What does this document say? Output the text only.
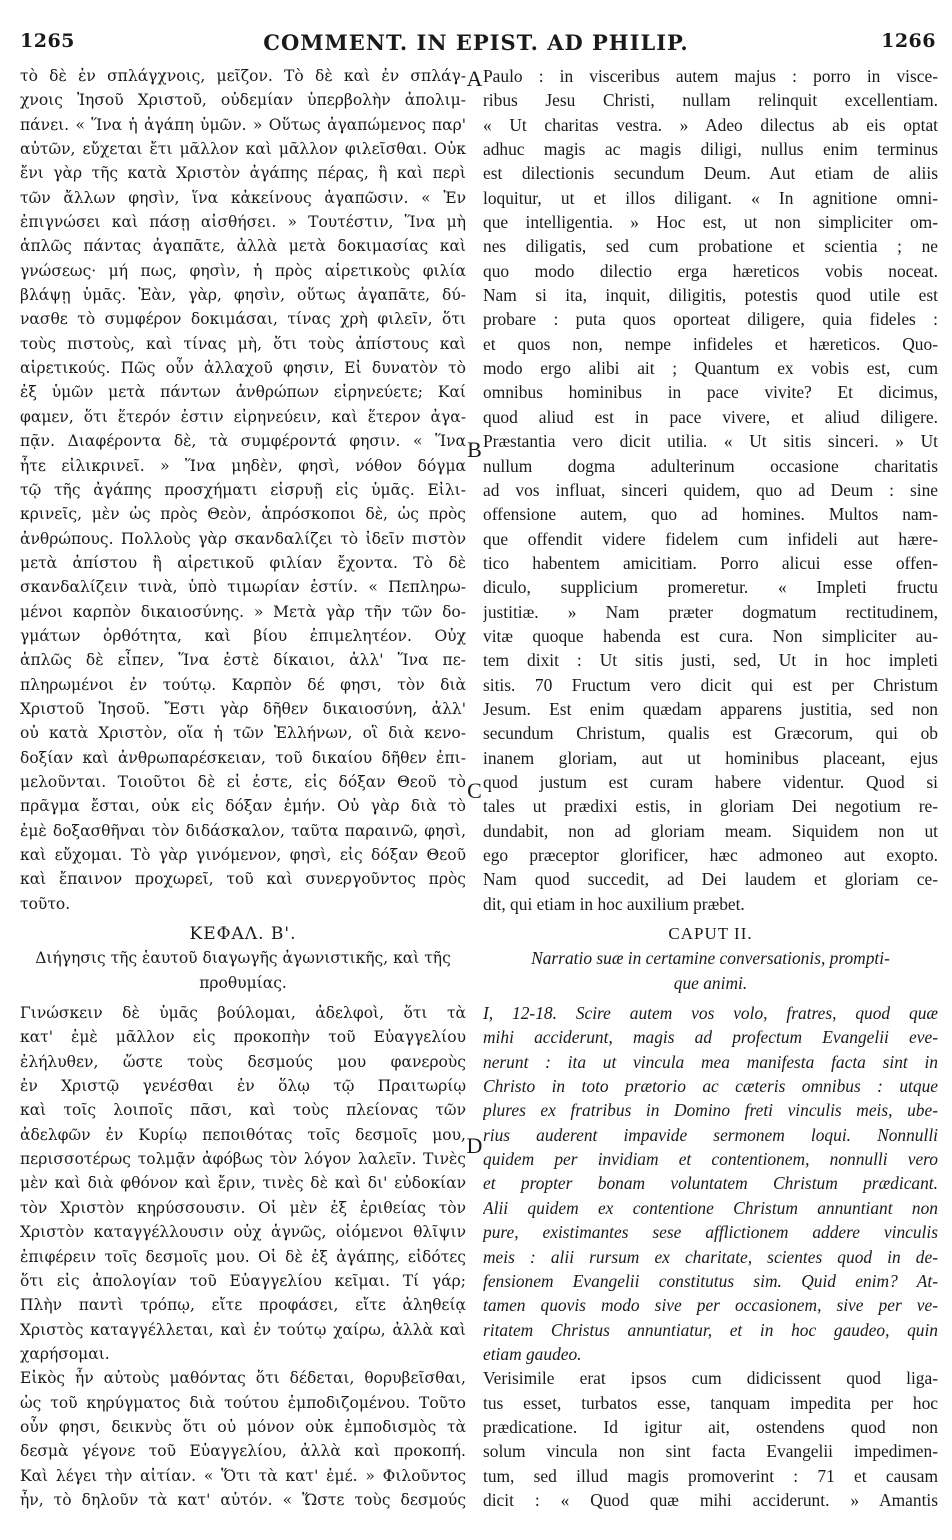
1265	COMMENT. IN EPIST. AD PHILIP.	1266
τὸ δὲ ἐν σπλάγχνοις, μεῖζον. Τὸ δὲ καὶ ἐν σπλάγ-
χνοις Ἰησοῦ Χριστοῦ, οὐδεμίαν ὑπερβολὴν ἀπολιμ-
πάνει. « Ἵνα ἡ ἀγάπη ὑμῶν. » Οὕτως ἀγαπώμενος παρ'
αὐτῶν, εὔχεται ἔτι μᾶλλον καὶ μᾶλλον φιλεῖσθαι. Οὐκ
ἔνι γὰρ τῆς κατὰ Χριστὸν ἀγάπης πέρας, ἣ καὶ περὶ
τῶν ἄλλων φησὶν, ἵνα κἀκείνους ἀγαπῶσιν. « Ἐν
ἐπιγνώσει καὶ πάσῃ αἰσθήσει. » Τουτέστιν, Ἵνα μὴ
ἁπλῶς πάντας ἀγαπᾶτε, ἀλλὰ μετὰ δοκιμασίας καὶ
γνώσεως· μή πως, φησὶν, ἡ πρὸς αἱρετικοὺς φιλία
βλάψῃ ὑμᾶς. Ἐὰν, γὰρ, φησὶν, οὕτως ἀγαπᾶτε, δύ-
νασθε τὸ συμφέρον δοκιμάσαι, τίνας χρὴ φιλεῖν, ὅτι
τοὺς πιστοὺς, καὶ τίνας μὴ, ὅτι τοὺς ἀπίστους καὶ
αἱρετικούς. Πῶς οὖν ἀλλαχοῦ φησιν, Εἰ δυνατὸν τὸ
ἐξ ὑμῶν μετὰ πάντων ἀνθρώπων εἰρηνεύετε; Καί
φαμεν, ὅτι ἕτερόν ἐστιν εἰρηνεύειν, καὶ ἕτερον ἀγα-
πᾷν. Διαφέροντα δὲ, τὰ συμφέροντά φησιν. « Ἵνα
ἦτε εἰλικρινεῖ. » Ἵνα μηδὲν, φησὶ, νόθον δόγμα
τῷ τῆς ἀγάπης προσχήματι εἰσρυῇ εἰς ὑμᾶς. Εἰλι-
κρινεῖς, μὲν ὡς πρὸς Θεὸν, ἀπρόσκοποι δὲ, ὡς πρὸς
ἀνθρώπους. Πολλοὺς γὰρ σκανδαλίζει τὸ ἰδεῖν πιστὸν
μετὰ ἀπίστου ἢ αἱρετικοῦ φιλίαν ἔχοντα. Τὸ δὲ
σκανδαλίζειν τινὰ, ὑπὸ τιμωρίαν ἐστίν. « Πεπληρω-
μένοι καρπὸν δικαιοσύνης. » Μετὰ γὰρ τῆν τῶν δο-
γμάτων ὀρθότητα, καὶ βίου ἐπιμελητέον. Οὐχ
ἁπλῶς δὲ εἶπεν, Ἵνα ἐστὲ δίκαιοι, ἀλλ' Ἵνα πε-
πληρωμένοι ἐν τούτῳ. Καρπὸν δέ φησι, τὸν διὰ
Χριστοῦ Ἰησοῦ. Ἔστι γὰρ δῆθεν δικαιοσύνη, ἀλλ'
οὐ κατὰ Χριστὸν, οἵα ἡ τῶν Ἑλλήνων, οἳ διὰ κενο-
δοξίαν καὶ ἀνθρωπαρέσκειαν, τοῦ δικαίου δῆθεν ἐπι-
μελοῦνται. Τοιοῦτοι δὲ εἰ ἐστε, εἰς δόξαν Θεοῦ τὸ
πρᾶγμα ἔσται, οὐκ εἰς δόξαν ἐμήν. Οὐ γὰρ διὰ τὸ
ἐμὲ δοξασθῆναι τὸν διδάσκαλον, ταῦτα παραινῶ, φησὶ,
καὶ εὔχομαι. Τὸ γὰρ γινόμενον, φησὶ, εἰς δόξαν Θεοῦ
καὶ ἔπαινον προχωρεῖ, τοῦ καὶ συνεργοῦντος πρὸς
τοῦτο.
ΚΕΦΑΛ. Β'.
Διήγησις τῆς ἑαυτοῦ διαγωγῆς ἀγωνιστικῆς, καὶ τῆς
προθυμίας.
Γινώσκειν δὲ ὑμᾶς βούλομαι, ἀδελφοὶ, ὅτι τὰ
κατ' ἐμὲ μᾶλλον εἰς προκοπὴν τοῦ Εὐαγγελίου
ἐλήλυθεν, ὥστε τοὺς δεσμούς μου φανεροὺς
ἐν Χριστῷ γενέσθαι ἐν ὅλῳ τῷ Πραιτωρίῳ
καὶ τοῖς λοιποῖς πᾶσι, καὶ τοὺς πλείονας τῶν
ἀδελφῶν ἐν Κυρίῳ πεποιθότας τοῖς δεσμοῖς μου,
περισσοτέρως τολμᾷν ἀφόβως τὸν λόγον λαλεῖν. Τινὲς
μὲν καὶ διὰ φθόνον καὶ ἔριν, τινὲς δὲ καὶ δι' εὐδοκίαν
τὸν Χριστὸν κηρύσσουσιν. Οἱ μὲν ἐξ ἐριθείας τὸν
Χριστὸν καταγγέλλουσιν οὐχ ἁγνῶς, οἰόμενοι θλῖψιν
ἐπιφέρειν τοῖς δεσμοῖς μου. Οἱ δὲ ἐξ ἀγάπης, εἰδότες
ὅτι εἰς ἀπολογίαν τοῦ Εὐαγγελίου κεῖμαι. Τί γάρ;
Πλὴν παντὶ τρόπῳ, εἴτε προφάσει, εἴτε ἀληθείᾳ
Χριστὸς καταγγέλλεται, καὶ ἐν τούτῳ χαίρω, ἀλλὰ καὶ
χαρήσομαι.
Εἰκὸς ἦν αὐτοὺς μαθόντας ὅτι δέδεται, θορυβεῖσθαι,
ὡς τοῦ κηρύγματος διὰ τούτου ἐμποδιζομένου. Τοῦτο
οὖν φησι, δεικνὺς ὅτι οὐ μόνον οὐκ ἐμποδισμὸς τὰ
δεσμὰ γέγονε τοῦ Εὐαγγελίου, ἀλλὰ καὶ προκοπή.
Καὶ λέγει τὴν αἰτίαν. « Ὅτι τὰ κατ' ἐμέ. » Φιλοῦντος
ἦν, τὸ δηλοῦν τὰ κατ' αὐτόν. « Ὥστε τοὺς δεσμούς
Paulo : in visceribus autem majus : porro in visce-
ribus Jesu Christi, nullam relinquit excellentiam.
« Ut charitas vestra. » Adeo dilectus ab eis optat
adhuc magis ac magis diligi, nullus enim terminus
est dilectionis secundum Deum. Aut etiam de aliis
loquitur, ut et illos diligant. « In agnitione omni-
que intelligentia. » Hoc est, ut non simpliciter om-
nes diligatis, sed cum probatione et scientia ; ne
quo modo dilectio erga hæreticos vobis noceat.
Nam si ita, inquit, diligitis, potestis quod utile est
probare : puta quos oporteat diligere, quia fideles :
et quos non, nempe infideles et hæreticos. Quo-
modo ergo alibi ait ; Quantum ex vobis est, cum
omnibus hominibus in pace vivite? Et dicimus,
quod aliud est in pace vivere, et aliud diligere.
Præstantia vero dicit utilia. « Ut sitis sinceri. » Ut
nullum dogma adulterinum occasione charitatis
ad vos influat, sinceri quidem, quo ad Deum : sine
offensione autem, quo ad homines. Multos nam-
que offendit videre fidelem cum infideli aut hære-
tico habentem amicitiam. Porro alicui esse offen-
diculo, supplicium promeretur. « Impleti fructu
justitiæ. » Nam præter dogmatum rectitudinem,
vitæ quoque habenda est cura. Non simpliciter au-
tem dixit : Ut sitis justi, sed, Ut in hoc impleti
sitis. 70 Fructum vero dicit qui est per Christum
Jesum. Est enim quædam apparens justitia, sed non
secundum Christum, qualis est Græcorum, qui ob
inanem gloriam, aut ut hominibus placeant, ejus
quod justum est curam habere videntur. Quod si
tales ut prædixi estis, in gloriam Dei negotium re-
dundabit, non ad gloriam meam. Siquidem non ut
ego præceptor glorificer, hæc admoneo aut exopto.
Nam quod succedit, ad Dei laudem et gloriam ce-
dit, qui etiam in hoc auxilium præbet.
CAPUT II.
Narratio suæ in certamine conversationis, prompti-
que animi.
I, 12-18. Scire autem vos volo, fratres, quod quæ
mihi acciderunt, magis ad profectum Evangelii eve-
nerunt : ita ut vincula mea manifesta facta sint in
Christo in toto prætorio ac cæteris omnibus : utque
plures ex fratribus in Domino freti vinculis meis, ube-
rius auderent impavide sermonem loqui. Nonnulli
quidem per invidiam et contentionem, nonnulli vero
et propter bonam voluntatem Christum prædicant.
Alii quidem ex contentione Christum annuntiant non
pure, existimantes sese afflictionem addere vinculis
meis : alii rursum ex charitate, scientes quod in de-
fensionem Evangelii constitutus sim. Quid enim? At-
tamen quovis modo sive per occasionem, sive per ve-
ritatem Christus annuntiatur, et in hoc gaudeo, quin
etiam gaudeo.
Verisimile erat ipsos cum didicissent quod liga-
tus esset, turbatos esse, tanquam impedita per hoc
prædicatione. Id igitur ait, ostendens quod non
solum vincula non sint facta Evangelii impedimen-
tum, sed illud magis promoverint : 71 et causam
dicit : « Quod quæ mihi acciderunt. » Amantis
A
B
C
D
